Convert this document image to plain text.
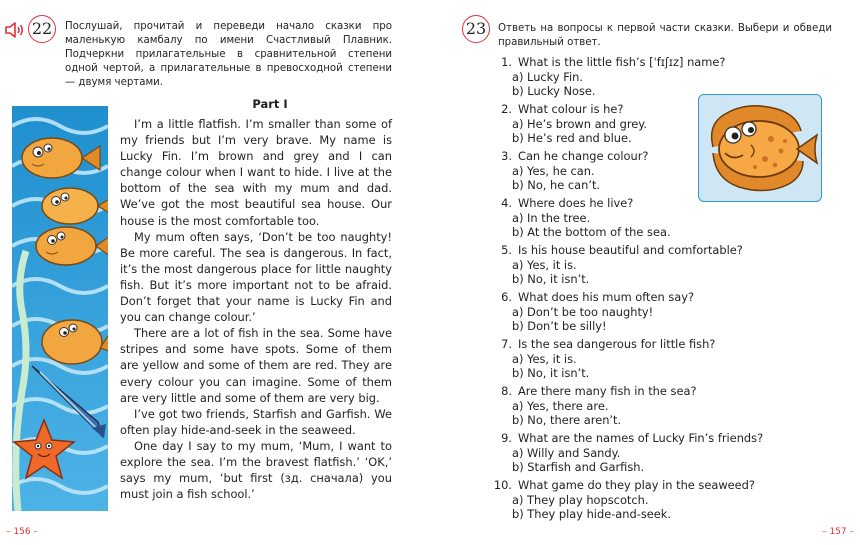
22	Послушай, прочитай и переведи начало сказки про маленькую камбалу по имени Счастливый Плавник. Подчеркни прилагательные в сравнительной степени одной чертой, а прилагательные в превосходной степени — двумя чертами.
Part I

I’m a little flatfish. I’m smaller than some of my friends but I’m very brave. My name is Lucky Fin. I’m brown and grey and I can change colour when I want to hide. I live at the bottom of the sea with my mum and dad. We’ve got the most beautiful sea house. Our house is the most comfortable too.

My mum often says, ‘Don’t be too naughty! Be more careful. The sea is dangerous. In fact, it’s the most dangerous place for little naughty fish. But it’s more important not to be afraid. Don’t forget that your name is Lucky Fin and you can change colour.’

There are a lot of fish in the sea. Some have stripes and some have spots. Some of them are yellow and some of them are red. They are every colour you can imagine. Some of them are very little and some of them are very big.

I’ve got two friends, Starfish and Garfish. We often play hide-and-seek in the seaweed.

One day I say to my mum, ‘Mum, I want to explore the sea. I’m the bravest flatfish.’ ‘OK,’ says my mum, ‘but first (зд. сначала) you must join a fish school.’

– 156 –
23	Ответь на вопросы к первой части сказки. Выбери и обведи правильный ответ.
1. What is the little fish’s [ˈfɪʃɪz] name?
a) Lucky Fin.
b) Lucky Nose.
2. What colour is he?
a) He’s brown and grey.
b) He’s red and blue.
3. Can he change colour?
a) Yes, he can.
b) No, he can’t.
4. Where does he live?
a) In the tree.
b) At the bottom of the sea.
5. Is his house beautiful and comfortable?
a) Yes, it is.
b) No, it isn’t.
6. What does his mum often say?
a) Don’t be too naughty!
b) Don’t be silly!
7. Is the sea dangerous for little fish?
a) Yes, it is.
b) No, it isn’t.
8. Are there many fish in the sea?
a) Yes, there are.
b) No, there aren’t.
9. What are the names of Lucky Fin’s friends?
a) Willy and Sandy.
b) Starfish and Garfish.
10. What game do they play in the seaweed?
a) They play hopscotch.
b) They play hide-and-seek.
– 157 –
